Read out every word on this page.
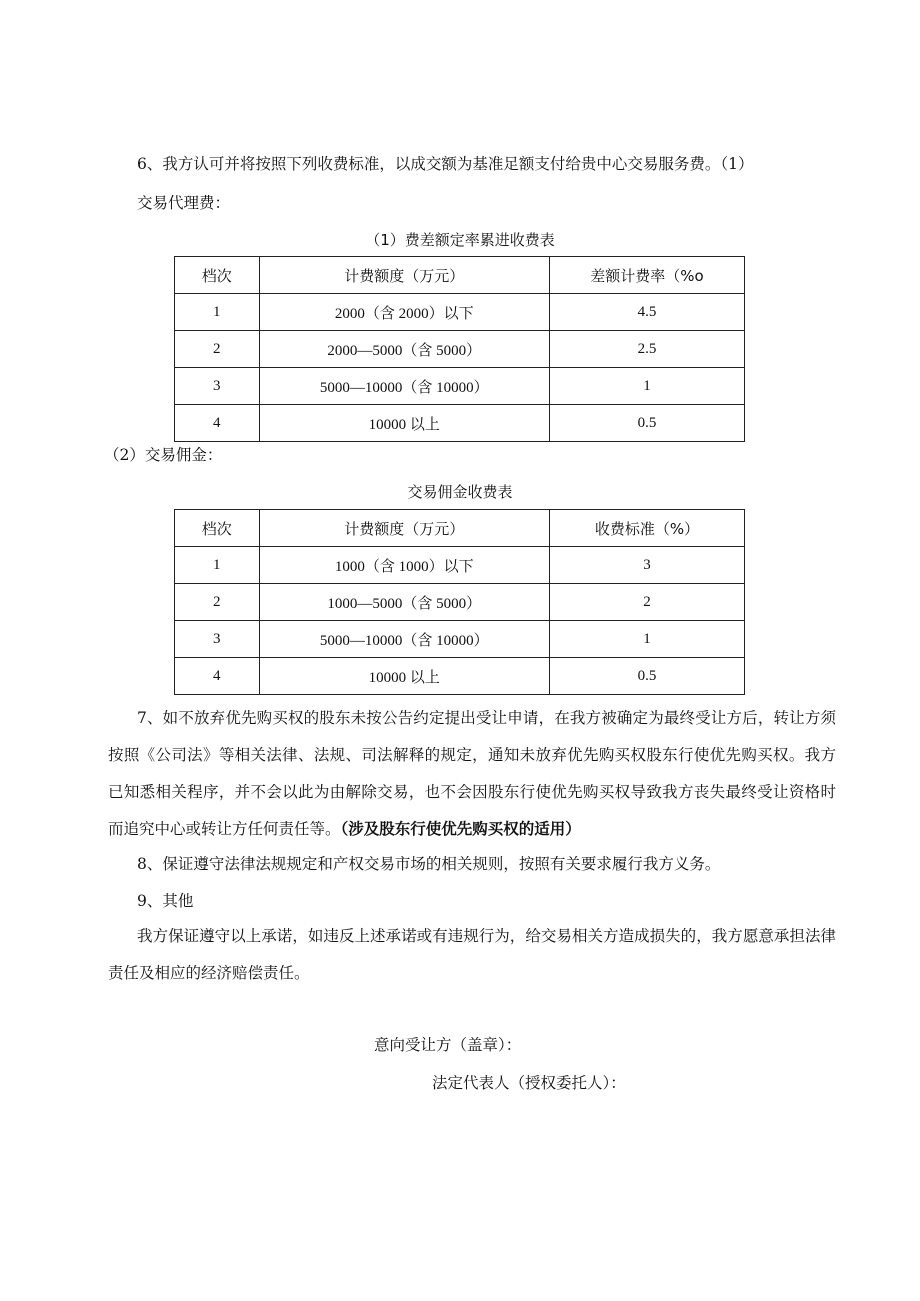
6、我方认可并将按照下列收费标准，以成交额为基准足额支付给贵中心交易服务费。（1）

交易代理费：

（1）费差额定率累进收费表
档次	计费额度（万元）	差额计费率（%o
1	2000（含 2000）以下	4.5
2	2000—5000（含 5000）	2.5
3	5000—10000（含 10000）	1
4	10000 以上	0.5

（2）交易佣金：

交易佣金收费表
档次	计费额度（万元）	收费标准（%）
1	1000（含 1000）以下	3
2	1000—5000（含 5000）	2
3	5000—10000（含 10000）	1
4	10000 以上	0.5

7、如不放弃优先购买权的股东未按公告约定提出受让申请，在我方被确定为最终受让方后，转让方须按照《公司法》等相关法律、法规、司法解释的规定，通知未放弃优先购买权股东行使优先购买权。我方已知悉相关程序，并不会以此为由解除交易，也不会因股东行使优先购买权导致我方丧失最终受让资格时而追究中心或转让方任何责任等。（涉及股东行使优先购买权的适用）

8、保证遵守法律法规规定和产权交易市场的相关规则，按照有关要求履行我方义务。

9、其他

我方保证遵守以上承诺，如违反上述承诺或有违规行为，给交易相关方造成损失的，我方愿意承担法律责任及相应的经济赔偿责任。

意向受让方（盖章）：

法定代表人（授权委托人）：
